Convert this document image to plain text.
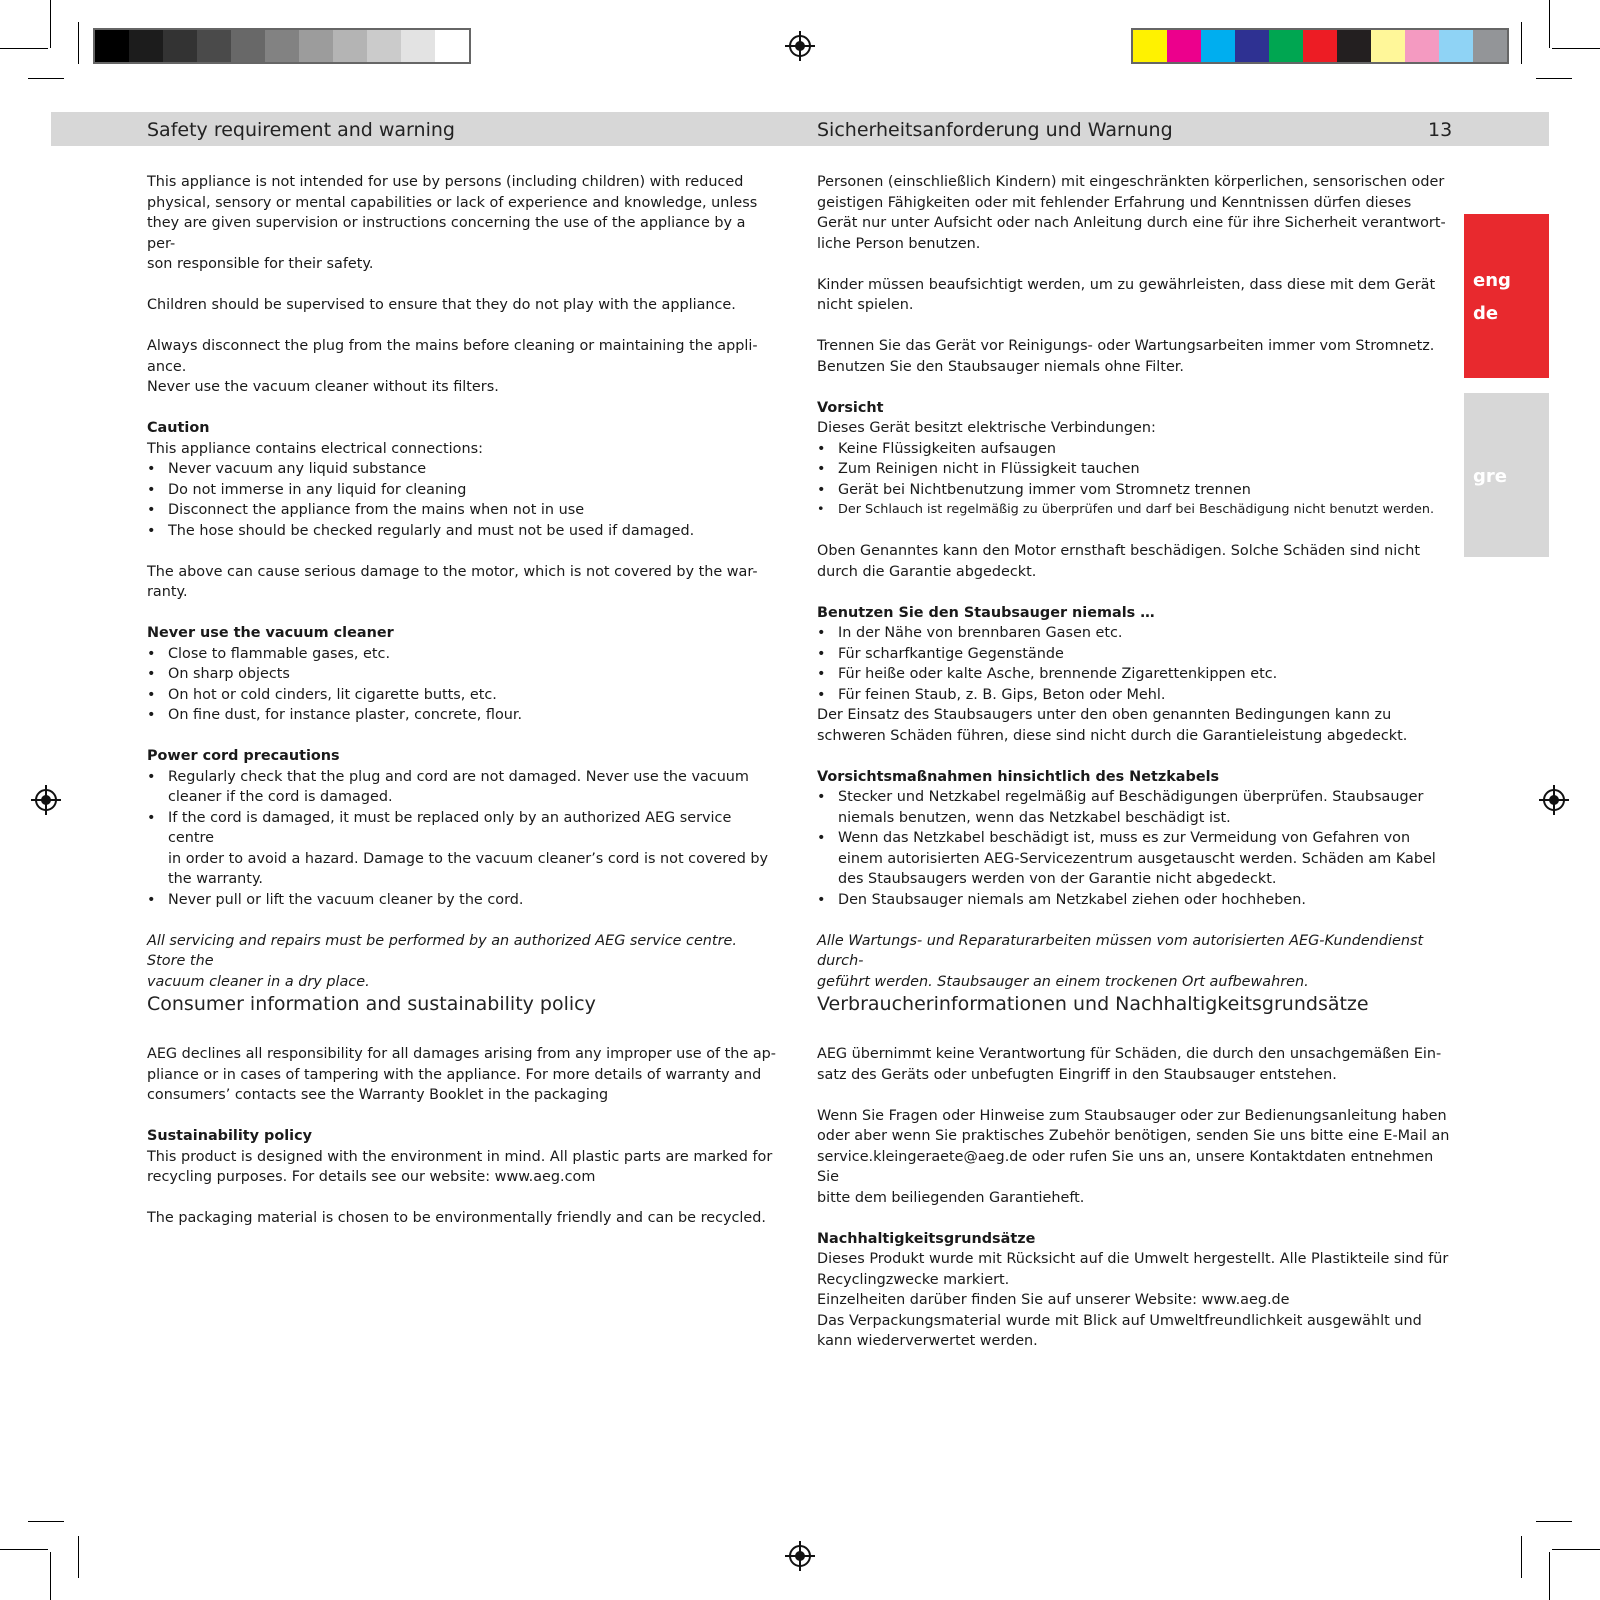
Safety requirement and warning	Sicherheitsanforderung und Warnung	13
eng
de
gre

This appliance is not intended for use by persons (including children) with reduced

physical, sensory or mental capabilities or lack of experience and knowledge, unless

they are given supervision or instructions concerning the use of the appliance by a per-

son responsible for their safety.

Children should be supervised to ensure that they do not play with the appliance.

Always disconnect the plug from the mains before cleaning or maintaining the appli-

ance.

Never use the vacuum cleaner without its filters.

Caution

This appliance contains electrical connections:

• Never vacuum any liquid substance
• Do not immerse in any liquid for cleaning
• Disconnect the appliance from the mains when not in use
• The hose should be checked regularly and must not be used if damaged.

The above can cause serious damage to the motor, which is not covered by the war-

ranty.

Never use the vacuum cleaner

• Close to flammable gases, etc.
• On sharp objects
• On hot or cold cinders, lit cigarette butts, etc.
• On fine dust, for instance plaster, concrete, flour.

Power cord precautions

• Regularly check that the plug and cord are not damaged. Never use the vacuum
cleaner if the cord is damaged.
• If the cord is damaged, it must be replaced only by an authorized AEG service centre
in order to avoid a hazard. Damage to the vacuum cleaner’s cord is not covered by
the warranty.
• Never pull or lift the vacuum cleaner by the cord.

All servicing and repairs must be performed by an authorized AEG service centre. Store the

vacuum cleaner in a dry place.

Consumer information and sustainability policy

AEG declines all responsibility for all damages arising from any improper use of the ap-

pliance or in cases of tampering with the appliance. For more details of warranty and

consumers’ contacts see the Warranty Booklet in the packaging

Sustainability policy

This product is designed with the environment in mind. All plastic parts are marked for

recycling purposes. For details see our website: www.aeg.com

The packaging material is chosen to be environmentally friendly and can be recycled.

Personen (einschließlich Kindern) mit eingeschränkten körperlichen, sensorischen oder

geistigen Fähigkeiten oder mit fehlender Erfahrung und Kenntnissen dürfen dieses

Gerät nur unter Aufsicht oder nach Anleitung durch eine für ihre Sicherheit verantwort-

liche Person benutzen.

Kinder müssen beaufsichtigt werden, um zu gewährleisten, dass diese mit dem Gerät

nicht spielen.

Trennen Sie das Gerät vor Reinigungs- oder Wartungsarbeiten immer vom Stromnetz.

Benutzen Sie den Staubsauger niemals ohne Filter.

Vorsicht

Dieses Gerät besitzt elektrische Verbindungen:

• Keine Flüssigkeiten aufsaugen
• Zum Reinigen nicht in Flüssigkeit tauchen
• Gerät bei Nichtbenutzung immer vom Stromnetz trennen
•	Der Schlauch ist regelmäßig zu überprüfen und darf bei Beschädigung nicht benutzt werden.

Oben Genanntes kann den Motor ernsthaft beschädigen. Solche Schäden sind nicht

durch die Garantie abgedeckt.

Benutzen Sie den Staubsauger niemals …

• In der Nähe von brennbaren Gasen etc.
• Für scharfkantige Gegenstände
• Für heiße oder kalte Asche, brennende Zigarettenkippen etc.
• Für feinen Staub, z. B. Gips, Beton oder Mehl.

Der Einsatz des Staubsaugers unter den oben genannten Bedingungen kann zu

schweren Schäden führen, diese sind nicht durch die Garantieleistung abgedeckt.

Vorsichtsmaßnahmen hinsichtlich des Netzkabels

• Stecker und Netzkabel regelmäßig auf Beschädigungen überprüfen. Staubsauger
niemals benutzen, wenn das Netzkabel beschädigt ist.
• Wenn das Netzkabel beschädigt ist, muss es zur Vermeidung von Gefahren von
einem autorisierten AEG-Servicezentrum ausgetauscht werden. Schäden am Kabel
des Staubsaugers werden von der Garantie nicht abgedeckt.
• Den Staubsauger niemals am Netzkabel ziehen oder hochheben.

Alle Wartungs- und Reparaturarbeiten müssen vom autorisierten AEG-Kundendienst durch-

geführt werden. Staubsauger an einem trockenen Ort aufbewahren.

Verbraucherinformationen und Nachhaltigkeitsgrundsätze

AEG übernimmt keine Verantwortung für Schäden, die durch den unsachgemäßen Ein-

satz des Geräts oder unbefugten Eingriff in den Staubsauger entstehen.

Wenn Sie Fragen oder Hinweise zum Staubsauger oder zur Bedienungsanleitung haben

oder aber wenn Sie praktisches Zubehör benötigen, senden Sie uns bitte eine E-Mail an

service.kleingeraete@aeg.de oder rufen Sie uns an, unsere Kontaktdaten entnehmen Sie

bitte dem beiliegenden Garantieheft.

Nachhaltigkeitsgrundsätze

Dieses Produkt wurde mit Rücksicht auf die Umwelt hergestellt. Alle Plastikteile sind für

Recyclingzwecke markiert.

Einzelheiten darüber finden Sie auf unserer Website: www.aeg.de

Das Verpackungsmaterial wurde mit Blick auf Umweltfreundlichkeit ausgewählt und

kann wiederverwertet werden.
